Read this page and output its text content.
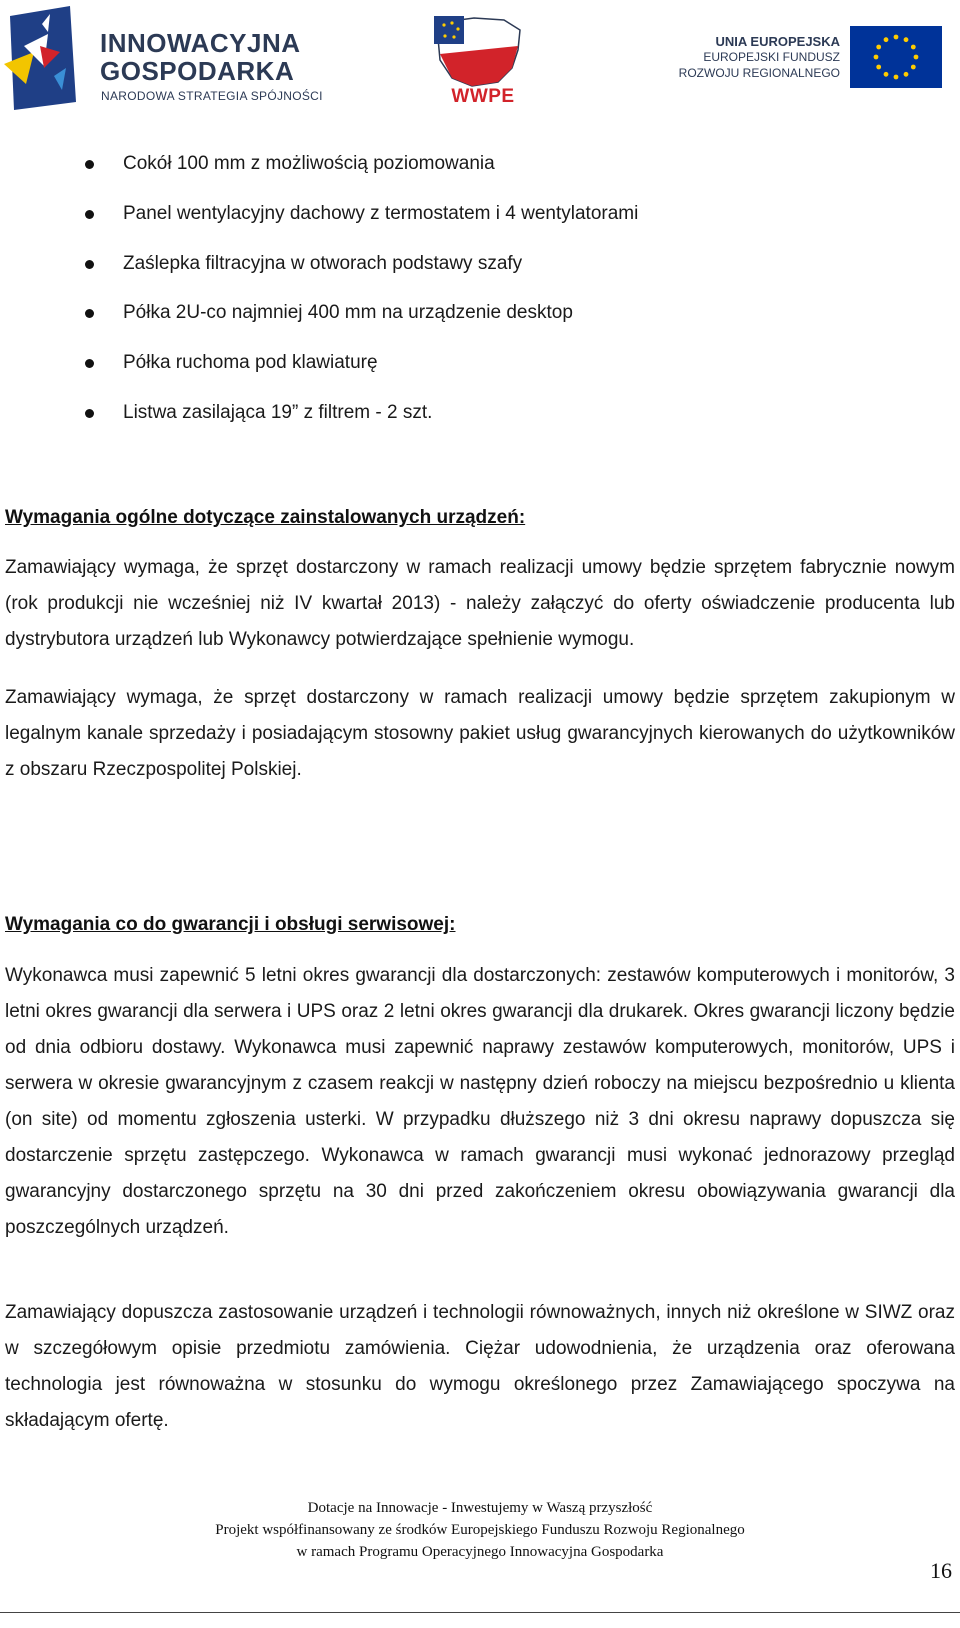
INNOWACYJNA
GOSPODARKA
NARODOWA STRATEGIA SPÓJNOŚCI	WWPE
UNIA EUROPEJSKA
EUROPEJSKI FUNDUSZ
ROZWOJU REGIONALNEGO
Cokół 100 mm z możliwością poziomowania
Panel wentylacyjny dachowy z termostatem i 4 wentylatorami
Zaślepka filtracyjna w otworach podstawy szafy
Półka 2U-co najmniej 400 mm na urządzenie desktop
Półka ruchoma pod klawiaturę
Listwa zasilająca 19” z filtrem - 2 szt.
Wymagania ogólne dotyczące zainstalowanych urządzeń:
Zamawiający wymaga, że sprzęt dostarczony w ramach realizacji umowy będzie sprzętem fabrycznie nowym (rok produkcji nie wcześniej niż IV kwartał 2013) - należy załączyć do oferty oświadczenie producenta lub dystrybutora urządzeń lub Wykonawcy potwierdzające spełnienie wymogu.
Zamawiający wymaga, że sprzęt dostarczony w ramach realizacji umowy będzie sprzętem zakupionym w legalnym kanale sprzedaży i posiadającym stosowny pakiet usług gwarancyjnych kierowanych do użytkowników z obszaru Rzeczpospolitej Polskiej.
Wymagania co do gwarancji i obsługi serwisowej:
Wykonawca musi zapewnić 5 letni okres gwarancji dla dostarczonych: zestawów komputerowych i monitorów, 3 letni okres gwarancji dla serwera i UPS oraz 2 letni okres gwarancji dla drukarek. Okres gwarancji liczony będzie od dnia odbioru dostawy. Wykonawca musi zapewnić naprawy zestawów komputerowych, monitorów, UPS i serwera w okresie gwarancyjnym z czasem reakcji w następny dzień roboczy na miejscu bezpośrednio u klienta (on site) od momentu zgłoszenia usterki. W przypadku dłuższego niż 3 dni okresu naprawy dopuszcza się dostarczenie sprzętu zastępczego. Wykonawca w ramach gwarancji musi wykonać jednorazowy przegląd gwarancyjny dostarczonego sprzętu na 30 dni przed zakończeniem okresu obowiązywania gwarancji dla poszczególnych urządzeń.
Zamawiający dopuszcza zastosowanie urządzeń i technologii równoważnych, innych niż określone w SIWZ oraz w szczegółowym opisie przedmiotu zamówienia. Ciężar udowodnienia, że urządzenia oraz oferowana technologia jest równoważna w stosunku do wymogu określonego przez Zamawiającego spoczywa na składającym ofertę.
Dotacje na Innowacje - Inwestujemy w Waszą przyszłość
Projekt współfinansowany ze środków Europejskiego Funduszu Rozwoju Regionalnego
w ramach Programu Operacyjnego Innowacyjna Gospodarka
16
